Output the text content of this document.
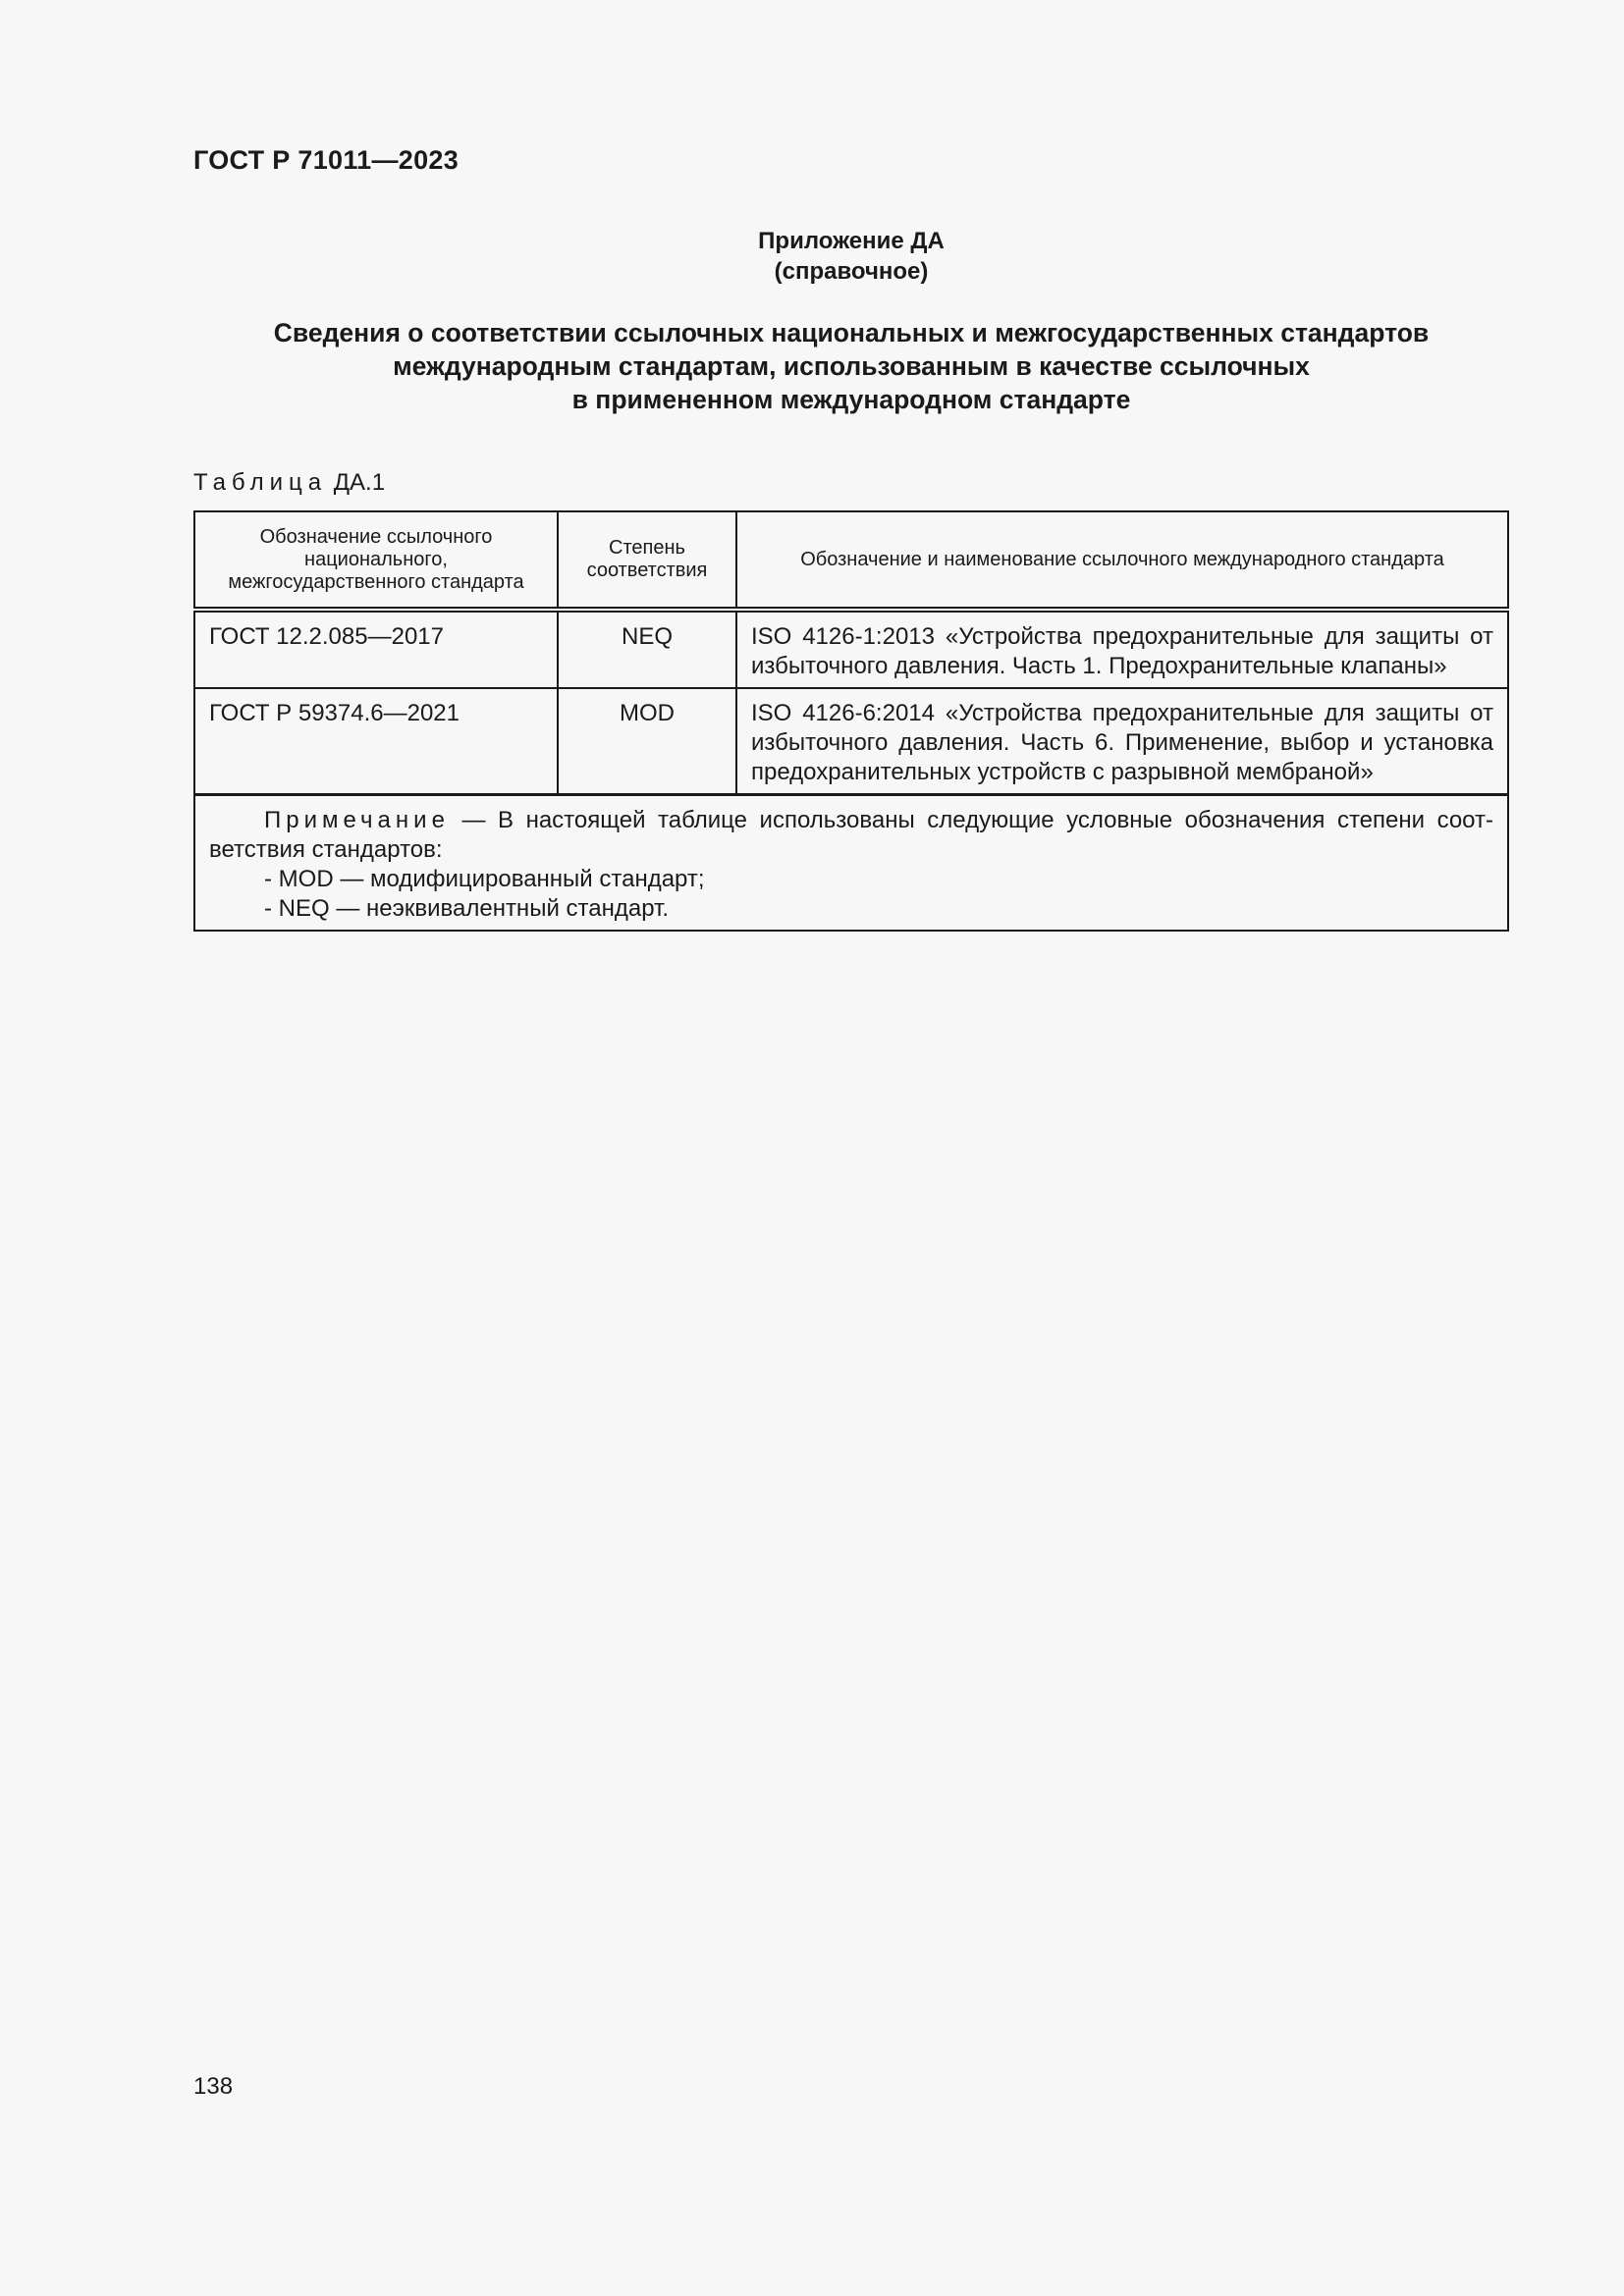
ГОСТ Р 71011—2023
Приложение ДА
(справочное)
Сведения о соответствии ссылочных национальных и межгосударственных стандартов
международным стандартам, использованным в качестве ссылочных
в примененном международном стандарте
Таблица ДА.1
Обозначение ссылочного национального, межгосударственного стандарта	Степень соответствия	Обозначение и наименование ссылочного международного стандарта
ГОСТ 12.2.085—2017	NEQ	ISO 4126-1:2013 «Устройства предохранительные для защиты от избыточного давления. Часть 1. Предохранительные клапаны»
ГОСТ Р 59374.6—2021	MOD	ISO 4126-6:2014 «Устройства предохранительные для защиты от избыточного давления. Часть 6. Применение, выбор и установка предохранительных устройств с разрывной мембраной»

Примечание — В настоящей таблице использованы следующие условные обозначения степени соответствия стандартов:
- MOD — модифицированный стандарт;
- NEQ — неэквивалентный стандарт.		
138
